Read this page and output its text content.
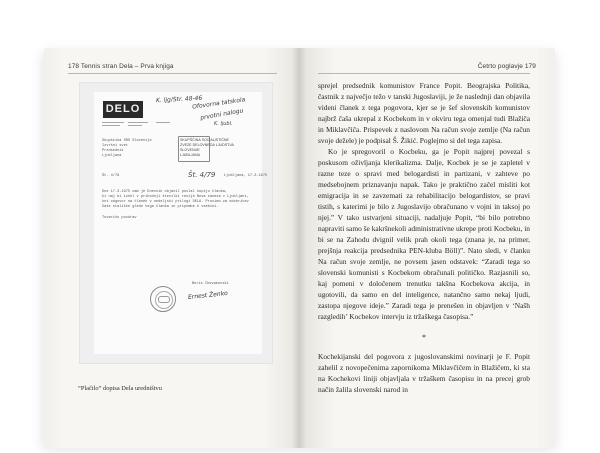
178 Tennis stran Dela – Prva knjiga	Četrto poglavje 179
DELO
K. ljg/Str. 48-46
Ofovorna tatskola
prvotni nalogu
K. ljubl.
SKUPŠČINA SOCIALISTIČNE
ZVEZE DELOVNEGA LJUDSTVA
SLOVENIJE
LJUBLJANA
Skupščina SRS Slovenije
Izvršni svet
Predsednik
Ljubljana
Št. 4/79	Št. 4/79 Ljubljana, 17.3.1975
Dne 17.3.1975 nam je Dnevnik objavil poslal kopijo članka,
ki naj bi izšel v prihodnji številki revije Nova zaveza v Ljubljani,
kot odgovor na članek v nedeljski prilogi DELA. Prosimo za odobritev
Vaše stališče glede tega članka in pripombe k vsebini.
Tovarišo pozdrav
Boris Chovakovski
Ernest Ženko
“Plačilo” dopisa Dela uredništvu

sprejel predsednik komunistov France Popit. Beograjska Politika, častnik z največjo težo v tanski Jugoslaviji, je že naslednji dan objavila videni članek z tega pogovora, kjer se je šef slovenskih komunistov najbrž čaša ukrepal z Kocbekom in v okviru tega omenjal tudi Blažiča in Miklavčiča. Prispevek z naslovom Na račun svoje zemlje (Na račun svoje dežele) je podpisal Š. Žikić. Poglejmo si del tega zapisa.

Ko je spregovoril o Kocbeku, ga je Popit najprej povezal s poskusom oživljanja klerikalizma. Dalje, Kocbek je se je zapletel v razne teze o spravi med belogardisti in partizani, v zahteve po medsebojnem priznavanju napak. Tako je praktično začel misliti kot emigracija in se zavzemati za rehabilitacijo belogardistov, se pravi tistih, s katerimi je bilo z Jugoslavijo obračunano v vojni in taksoj po njej.” V tako ustvarjeni situaciji, nadaljuje Popit, “bi bilo potrebno napraviti samo še kakršnekoli administrativne ukrepe proti Kocbeku, in bi se na Zahodu dvignil velik prah okoli tega (znana je, na primer, prejšnja reakcija predsednika PEN-kluba Böll)”. Nato sledi, v članku Na račun svoje zemlje, ne povsem jasen odstavek: “Zaradi tega so slovenski komunisti s Kocbekom obračunali političko. Razjasnili so, kaj pomeni v določenem trenutku takšna Kocbekova akcija, in ugotovili, da samo en del inteligence, natančno samo nekaj ljudi, zastopa njegove ideje.” Zaradi tega je prenešen in objavljen v ‘Našh razgledih’ Kocbekov intervju iz tržaškega časopisa.”

*

Kochekijanski del pogovora z jugoslovanskimi novinarji je F. Popit zahelil z novopečenima zapornikoma Miklavčičem in Blažičem, ki sta na Kochekovi liniji objavljala v tržaškem časopisu in na precej grob način žalila slovenski narod in
